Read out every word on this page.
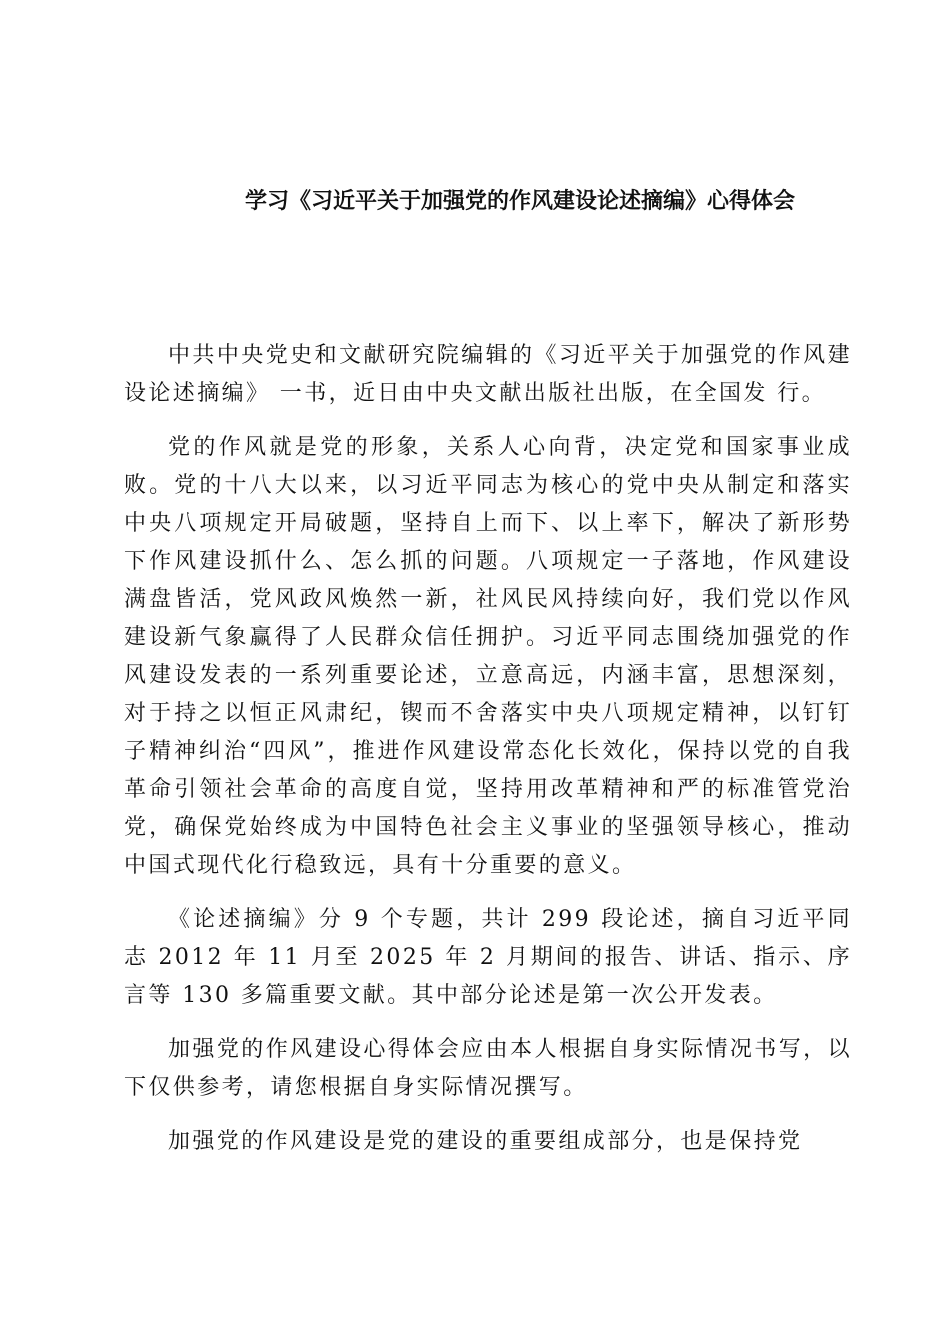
学习《习近平关于加强党的作风建设论述摘编》心得体会

中共中央党史和文献研究院编辑的《习近平关于加强党的作风建设论述摘编》 一书，近日由中央文献出版社出版，在全国发 行。

党的作风就是党的形象，关系人心向背，决定党和国家事业成败。党的十八大以来，以习近平同志为核心的党中央从制定和落实中央八项规定开局破题，坚持自上而下、以上率下，解决了新形势下作风建设抓什么、怎么抓的问题。八项规定一子落地，作风建设满盘皆活，党风政风焕然一新，社风民风持续向好，我们党以作风建设新气象赢得了人民群众信任拥护。习近平同志围绕加强党的作风建设发表的一系列重要论述，立意高远，内涵丰富，思想深刻，对于持之以恒正风肃纪，锲而不舍落实中央八项规定精神，以钉钉子精神纠治“四风”，推进作风建设常态化长效化，保持以党的自我革命引领社会革命的高度自觉，坚持用改革精神和严的标准管党治党，确保党始终成为中国特色社会主义事业的坚强领导核心，推动中国式现代化行稳致远，具有十分重要的意义。

《论述摘编》分 9 个专题，共计 299 段论述，摘自习近平同　志 2012 年 11 月至 2025 年 2 月期间的报告、讲话、指示、序言等 130 多篇重要文献。其中部分论述是第一次公开发表。

加强党的作风建设心得体会应由本人根据自身实际情况书写，以下仅供参考，请您根据自身实际情况撰写。

加强党的作风建设是党的建设的重要组成部分，也是保持党
